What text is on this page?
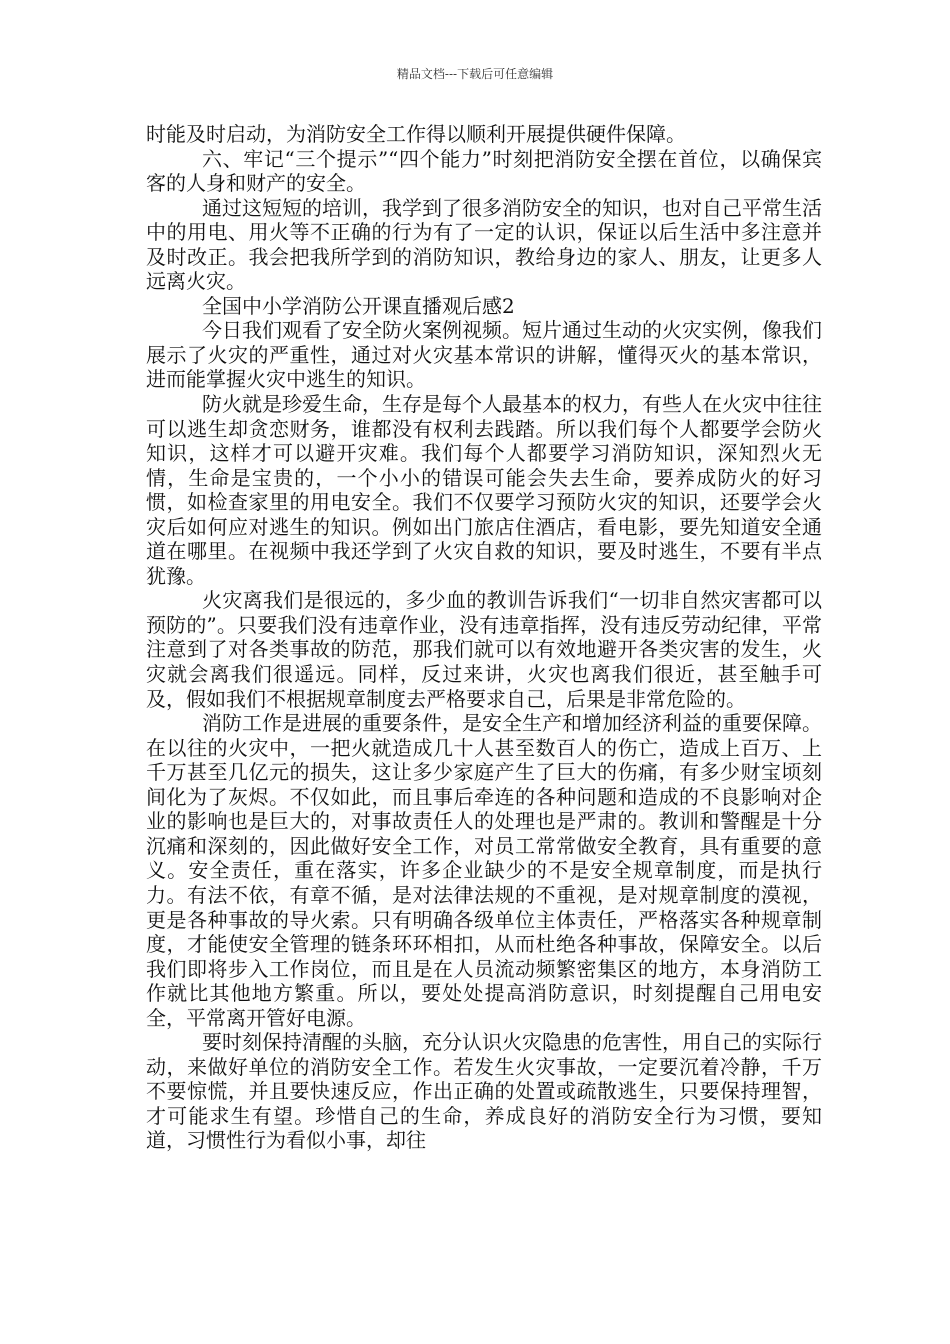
精品文档---下载后可任意编辑

时能及时启动，为消防安全工作得以顺利开展提供硬件保障。

六、牢记“三个提示”“四个能力”时刻把消防安全摆在首位，以确保宾客的人身和财产的安全。

通过这短短的培训，我学到了很多消防安全的知识，也对自己平常生活中的用电、用火等不正确的行为有了一定的认识，保证以后生活中多注意并及时改正。我会把我所学到的消防知识，教给身边的家人、朋友，让更多人远离火灾。

全国中小学消防公开课直播观后感2

今日我们观看了安全防火案例视频。短片通过生动的火灾实例，像我们展示了火灾的严重性，通过对火灾基本常识的讲解，懂得灭火的基本常识，进而能掌握火灾中逃生的知识。

防火就是珍爱生命，生存是每个人最基本的权力，有些人在火灾中往往可以逃生却贪恋财务，谁都没有权利去践踏。所以我们每个人都要学会防火知识，这样才可以避开灾难。我们每个人都要学习消防知识，深知烈火无情，生命是宝贵的，一个小小的错误可能会失去生命，要养成防火的好习惯，如检查家里的用电安全。我们不仅要学习预防火灾的知识，还要学会火灾后如何应对逃生的知识。例如出门旅店住酒店，看电影，要先知道安全通道在哪里。在视频中我还学到了火灾自救的知识，要及时逃生，不要有半点犹豫。

火灾离我们是很远的，多少血的教训告诉我们“一切非自然灾害都可以预防的”。只要我们没有违章作业，没有违章指挥，没有违反劳动纪律，平常注意到了对各类事故的防范，那我们就可以有效地避开各类灾害的发生，火灾就会离我们很遥远。同样，反过来讲，火灾也离我们很近，甚至触手可及，假如我们不根据规章制度去严格要求自己，后果是非常危险的。

消防工作是进展的重要条件，是安全生产和增加经济利益的重要保障。在以往的火灾中，一把火就造成几十人甚至数百人的伤亡，造成上百万、上千万甚至几亿元的损失，这让多少家庭产生了巨大的伤痛，有多少财宝顷刻间化为了灰烬。不仅如此，而且事后牵连的各种问题和造成的不良影响对企业的影响也是巨大的，对事故责任人的处理也是严肃的。教训和警醒是十分沉痛和深刻的，因此做好安全工作，对员工常常做安全教育，具有重要的意义。安全责任，重在落实，许多企业缺少的不是安全规章制度，而是执行力。有法不依，有章不循，是对法律法规的不重视，是对规章制度的漠视，更是各种事故的导火索。只有明确各级单位主体责任，严格落实各种规章制度，才能使安全管理的链条环环相扣，从而杜绝各种事故，保障安全。以后我们即将步入工作岗位，而且是在人员流动频繁密集区的地方，本身消防工作就比其他地方繁重。所以，要处处提高消防意识，时刻提醒自己用电安全，平常离开管好电源。

要时刻保持清醒的头脑，充分认识火灾隐患的危害性，用自己的实际行动，来做好单位的消防安全工作。若发生火灾事故，一定要沉着冷静，千万不要惊慌，并且要快速反应，作出正确的处置或疏散逃生，只要保持理智，才可能求生有望。珍惜自己的生命，养成良好的消防安全行为习惯，要知道，习惯性行为看似小事，却往
